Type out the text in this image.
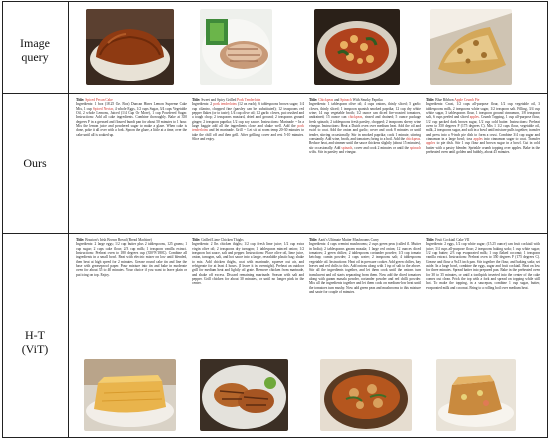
Image
query
Ours
H-T
(ViT)
Title: Spiced Pecan Cake
Ingredients: 1 box (18.25 Oz. Box) Duncan Hines Lemon Supreme Cake Mix, 1 cup Spiced Nectar, 4 whole Eggs, 1/2 cups Sugar, 3/4 cups Vegetable Oil, 2 whole Lemons, Juiced (1/4 Cup Or More), 1 cup Powdered Sugar. Instructions: Add all cake ingredients. Combine thoroughly. Bake at 350 degrees F in a greased and floured bundt pan for about 50 minutes to 1 hour. Mix the lemon juice and powdered sugar to make a glaze. When cake is done, poke it all over with a fork. Spoon the glaze, a little at a time, over the cake until all is soaked up.
Title: Sweet and Spicy Grilled Pork Tenderloin
Ingredients: 2 pork tenderloins (12 oz each); 6 tablespoons brown sugar; 1/4 cup cilantro, chopped fine (parsley can be substituted); 12 teaspoons red pepper flakes (or to taste); 1/4 cup olive oil; 12 garlic cloves, put crushed and a tough chop; 2 teaspoons mustard, dried and ground; 2 teaspoons ground ginger; 2 teaspoon paprika; 1/2 cup soy sauce. Instructions: Marinade -- In a large baggie add all the ingredients close and shake well. Add the pork tenderloins and let marinade. Grill -- Let sit at room temp 20-30 minutes to take the chill off and then grill. After grilling cover and rest 5-10 minutes. Slice and enjoy.
Title: Chickpeas and Spinach With Smoky Paprika
Ingredients: 1 tablespoon olive oil; 4 cups onions, thinly sliced; 5 garlic cloves, thinly sliced; 1 teaspoon spanish smoked paprika; 12 cup dry white wine; 14 cup vegetable broth; 1/2 ounce can diced fire-roasted tomatoes, undrained; 15 ounce can chickpeas, rinsed and drained; 5 ounce package fresh spinach; 2 tablespoons fresh parsley, chopped; 2 teaspoons sherry wine vinegar. Instructions: Heat a Dutch oven over medium heat. Add the oil and swirl to coat. Add the onion and garlic; cover and cook 8 minutes or until tender, stirring occasionally. Stir in smoked paprika; cook 1 minute, stirring constantly. Add wine, broth, and tomatoes; bring to a boil. Add the chickpeas. Reduce heat, and simmer until the sauce thickens slightly (about 15 minutes), stir occasionally. Add spinach, cover and cook 2 minutes or until the spinach wilts. Stir in parsley and vinegar.
Title: Blue Ribbon Apple Crumb Pie
Ingredients: Crust, 1/2 cups all-purpose flour, 1/2 cup vegetable oil, 3 tablespoons milk, 2 teaspoons white sugar, 1/2 teaspoon salt. Filling, 3/4 cup white sugar, 3 tablespoons flour, 1 teaspoon ground cinnamon, 1/8 teaspoon salt, 6 cups peeled and sliced apples. Crumb Topping, 1 cup all-purpose flour, 1/2 cup packed dark brown sugar, 1/2 cup cold butter. Instructions: Preheat oven to 350 degrees F (175 degrees C). Mix 1 1/2 cups flour, vegetable oil, milk, 2 teaspoons sugar, and salt in a bowl until mixture pulls together; transfer and press into a 9-inch pie dish to form a crust. Combine 3/4 cup sugar and cinnamon in a large bowl; toss apples into cinnamon sugar to coat. Transfer apples to pie dish. Stir 1 cup flour and brown sugar in a bowl. Cut in cold butter with a pastry blender. Sprinkle crumb topping over apples. Bake in the preheated oven until golden and bubbly, about 45 minutes.
Title: Braxton's Irish Brown Bread (Bread Machine)
Ingredients: 2 large eggs; 1/2 cup butter plus 2 tablespoons, 125 grams; 1 cup sugar; 2 cups cake flour; 2/3 cup milk; 1 teaspoon vanilla extract. Instructions: Preheat oven to 180 degrees cup (350°F/180C). Combine all ingredients in a small bowl. Beat with electric mixer on low until blended, then beat at high speed for 2 minutes. Grease round cake tin and line the base with greaseproof paper. Pour mixture into tin and bake in moderate oven for about 35 to 40 minutes. Your choice if you want to leave plain or put icing on top. Enjoy.
Title: Grilled Lime Chicken Thighs
Ingredients: 2 lbs chicken thighs; 1/2 cup fresh lime juice; 1/2 cup extra virgin olive oil; 2 teaspoons dry tarragon; 1 tablespoon minced onion; 1/2 teaspoon hot sauce, salt and pepper. Instructions: Place olive oil, lime juice, onion, tarragon, salt, and hot sauce into a large, resealable plastic bag; shake to mix. Add chicken thighs, coat with marinade, squeeze out air, and refrigerate for at least 4 hours. (I leave it in overnight). Preheat an outdoor grill for medium heat and lightly oil grate. Remove chicken from marinade, and shake off excess. Discard remaining marinade. Season with salt and pepper. Grill chicken for about 30 minutes, or until no longer pink in the center.
Title: Aarti's Ultimate Mutter Mushrooms Curry
Ingredients: 4 cups cremini mushrooms; 2 cups green peas (called fl. Mutter in India); 2 tablespoons garam masala; 1 large red onion; 12 ounces diced tomatoes; 2 green chilies; 2 tablespoons coriander powder; 1/3 cup tomato ketchup; cumin powder; 2 cups water; 2 teaspoons salt; 4 tablespoons vegetable oil. Instructions: Heat oil in pressure cooker. Add green chilies, bay leaves and red chilis to this. Add onions along with 1 tsp of salt to the above. Stir all the ingredients together, and let them cook until the onions turn translucent and oil starts separating from them. Now add the diced tomatoes along with garam masala powder, coriander powder and red chilli powder. Mix all the ingredients together and let them cook on medium-low heat until the tomatoes turn mushy. Now add green peas and mushrooms to this mixture and saute for couple of minutes.
Title: Fruit Cocktail Cake VII
Ingredients: 2 eggs, 1/2 cup white sugar; (15.25 ounce) can fruit cocktail with juice; 3/4 cups all-purpose flour; 2 teaspoons baking soda; 1 cup white sugar; 1/2 cup butter; 2/3 cup evaporated milk; 1 cup flaked coconut; 1 teaspoon vanilla extract. Instructions: Preheat oven to 350 degrees F (175 degrees C). Grease and flour a 9x13 inch pan. Stir together the flour, and baking soda; set aside. In a large bowl, combine the eggs, sugar and fruit cocktail. Beat on low for three minutes. Spread batter into prepared pan. Bake in the preheated oven for 30 to 35 minutes, or until a toothpick inserted into the center of the cake comes out clean. Prick the top with a fork and spread on topping while still hot. To make the topping, in a saucepan, combine 1 cup sugar, butter, evaporated milk and coconut. Bring to a rolling boil over medium heat.
